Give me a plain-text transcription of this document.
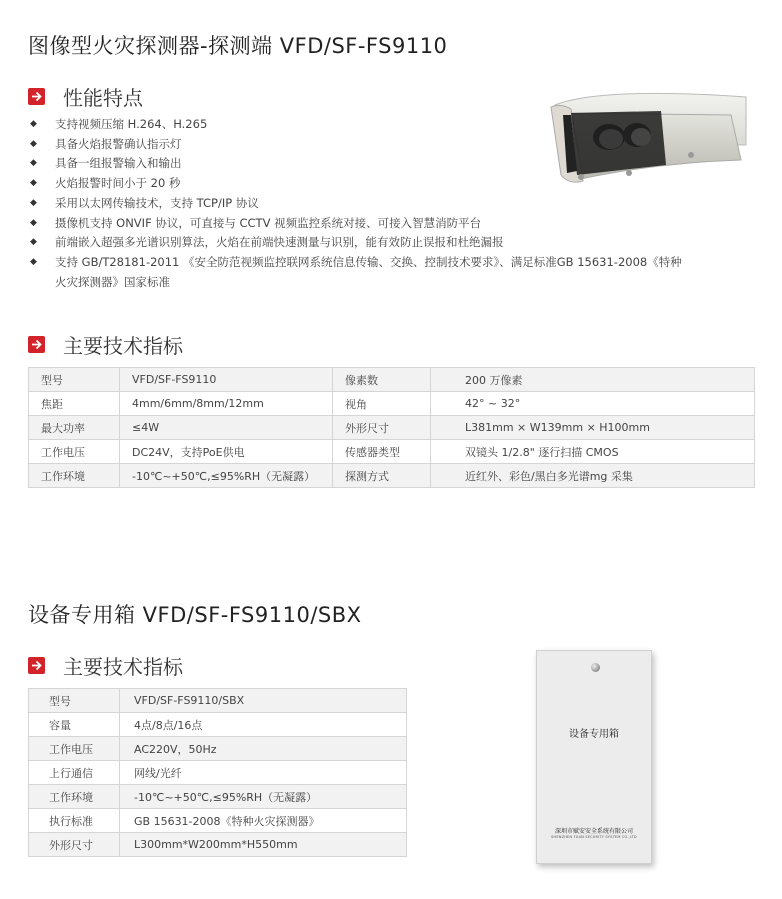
图像型火灾探测器-探测端 VFD/SF-FS9110
性能特点
◆ 支持视频压缩 H.264、H.265
◆ 具备火焰报警确认指示灯
◆ 具备一组报警输入和输出
◆ 火焰报警时间小于 20 秒
◆ 采用以太网传输技术，支持 TCP/IP 协议
◆ 摄像机支持 ONVIF 协议，可直接与 CCTV 视频监控系统对接、可接入智慧消防平台
◆ 前端嵌入超强多光谱识别算法，火焰在前端快速测量与识别，能有效防止误报和杜绝漏报
◆ 支持 GB/T28181-2011 《安全防范视频监控联网系统信息传输、交换、控制技术要求》、满足标准GB 15631-2008《特种
火灾探测器》国家标准
主要技术指标
型号	VFD/SF-FS9110	像素数	200 万像素
焦距	4mm/6mm/8mm/12mm	视角	42° ~ 32°
最大功率	≤4W	外形尺寸	L381mm × W139mm × H100mm
工作电压	DC24V，支持PoE供电	传感器类型	双镜头 1/2.8" 逐行扫描 CMOS
工作环境	-10℃~+50℃,≤95%RH（无凝露）	探测方式	近红外、彩色/黑白多光谱mg 采集
设备专用箱 VFD/SF-FS9110/SBX
主要技术指标
型号	VFD/SF-FS9110/SBX
容量	4点/8点/16点
工作电压	AC220V，50Hz
上行通信	网线/光纤
工作环境	-10℃~+50℃,≤95%RH（无凝露）
执行标准	GB 15631-2008《特种火灾探测器》
外形尺寸	L300mm*W200mm*H550mm
设备专用箱
深圳市赋安安全系统有限公司
SHENZHEN FUAN SECURITY SYSTEM CO.,LTD
